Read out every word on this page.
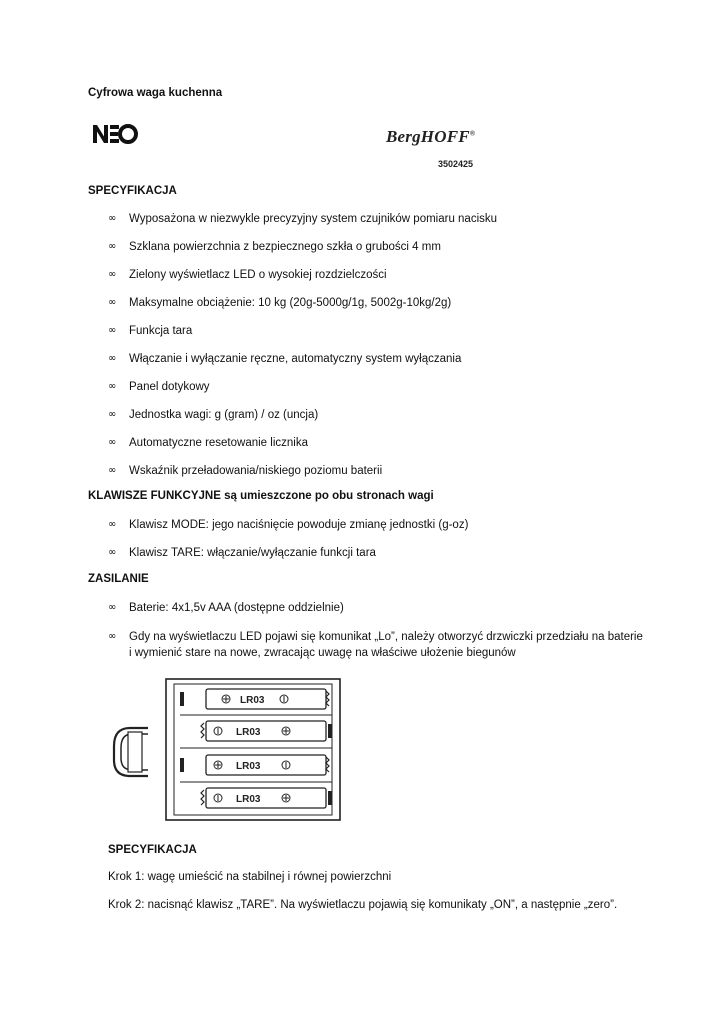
Cyfrowa waga kuchenna
BergHOFF®
3502425
SPECYFIKACJA
∞	Wyposażona w niezwykle precyzyjny system czujników pomiaru nacisku
∞	Szklana powierzchnia z bezpiecznego szkła o grubości 4 mm
∞	Zielony wyświetlacz LED o wysokiej rozdzielczości
∞	Maksymalne obciążenie: 10 kg (20g-5000g/1g, 5002g-10kg/2g)
∞	Funkcja tara
∞	Włączanie i wyłączanie ręczne, automatyczny system wyłączania
∞	Panel dotykowy
∞	Jednostka wagi: g (gram) / oz (uncja)
∞	Automatyczne resetowanie licznika
∞	Wskaźnik przeładowania/niskiego poziomu baterii
KLAWISZE FUNKCYJNE są umieszczone po obu stronach wagi
∞	Klawisz MODE: jego naciśnięcie powoduje zmianę jednostki (g-oz)
∞	Klawisz TARE: włączanie/wyłączanie funkcji tara
ZASILANIE
∞	Baterie: 4x1,5v AAA (dostępne oddzielnie)
∞	Gdy na wyświetlaczu LED pojawi się komunikat „Lo”, należy otworzyć drzwiczki przedziału na baterie i wymienić stare na nowe, zwracając uwagę na właściwe ułożenie biegunów
LR03
LR03
LR03
LR03
SPECYFIKACJA
Krok 1: wagę umieścić na stabilnej i równej powierzchni
Krok 2: nacisnąć klawisz „TARE”. Na wyświetlaczu pojawią się komunikaty „ON”, a następnie „zero”.
